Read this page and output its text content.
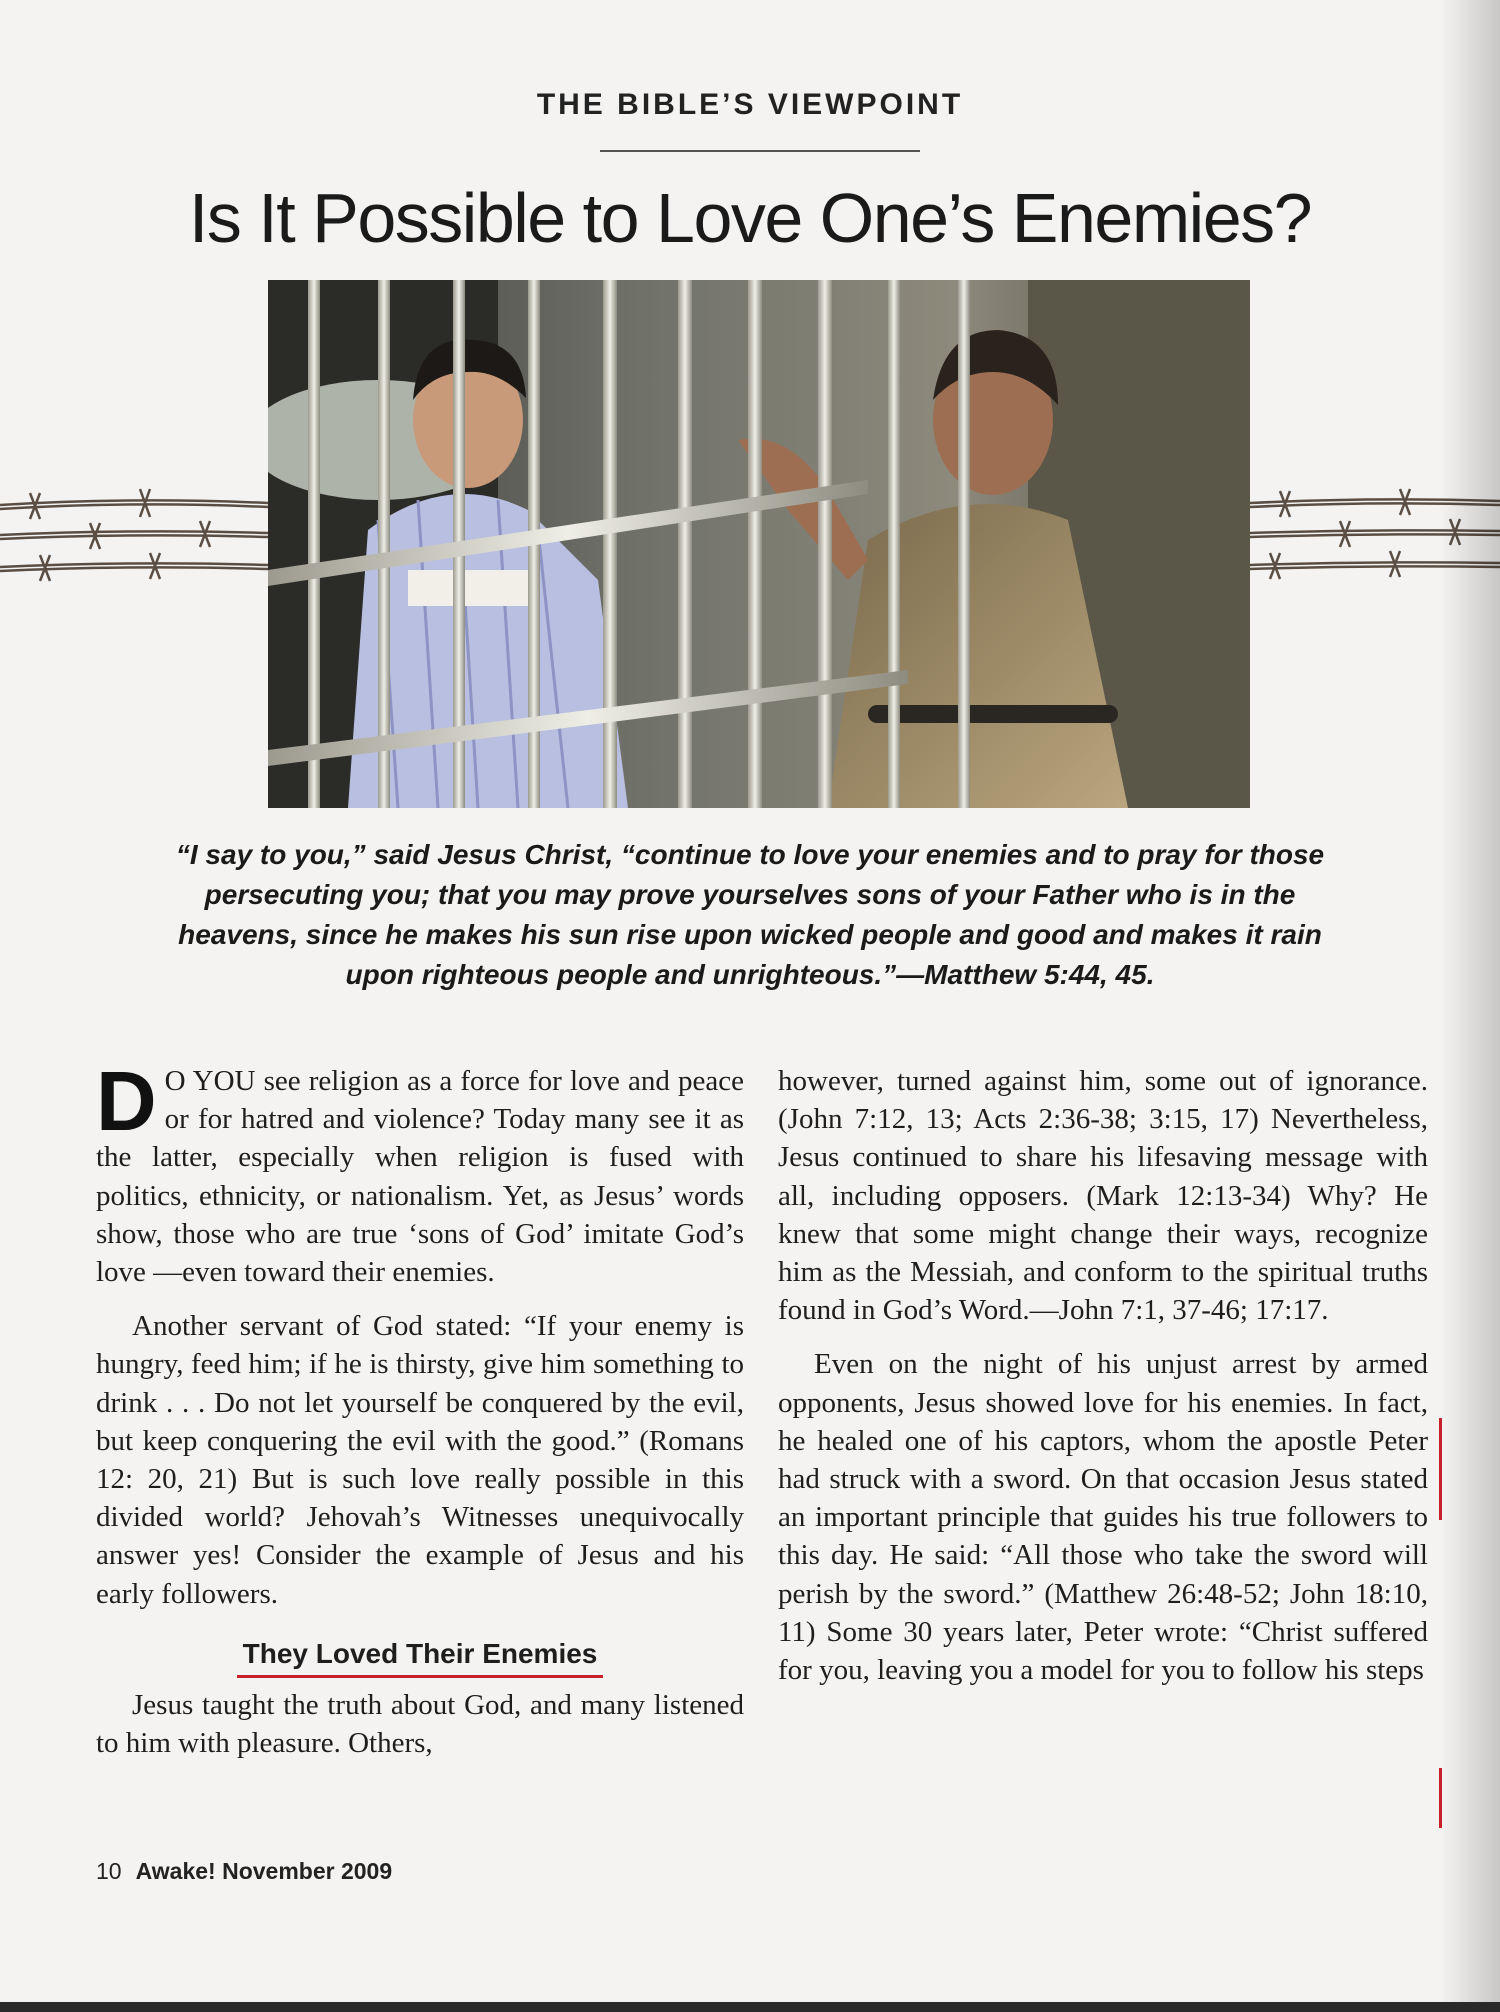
THE BIBLE’S VIEWPOINT
Is It Possible to Love One’s Enemies?
“I say to you,” said Jesus Christ, “continue to love your enemies and to pray for those persecuting you; that you may prove yourselves sons of your Father who is in the heavens, since he makes his sun rise upon wicked people and good and makes it rain upon righteous people and unrighteous.”—Matthew 5:44, 45.

D O YOU see religion as a force for love and peace or for hatred and violence? Today many see it as the latter, especially when religion is fused with politics, ethnicity, or nationalism. Yet, as Jesus’ words show, those who are true ‘sons of God’ imitate God’s love —even toward their enemies.

Another servant of God stated: “If your enemy is hungry, feed him; if he is thirsty, give him something to drink . . . Do not let yourself be conquered by the evil, but keep conquering the evil with the good.” (Romans 12: 20, 21) But is such love really possible in this divided world? Jehovah’s Witnesses unequivocally answer yes! Consider the example of Jesus and his early followers.

They Loved Their Enemies

Jesus taught the truth about God, and many listened to him with pleasure. Others,

however, turned against him, some out of ignorance. (John 7:12, 13; Acts 2:36-38; 3:15, 17) Nevertheless, Jesus continued to share his lifesaving message with all, including opposers. (Mark 12:13-34) Why? He knew that some might change their ways, recognize him as the Messiah, and conform to the spiritual truths found in God’s Word.—John 7:1, 37-46; 17:17.

Even on the night of his unjust arrest by armed opponents, Jesus showed love for his enemies. In fact, he healed one of his captors, whom the apostle Peter had struck with a sword. On that occasion Jesus stated an important principle that guides his true followers to this day. He said: “All those who take the sword will perish by the sword.” (Matthew 26:48-52; John 18:10, 11) Some 30 years later, Peter wrote: “Christ suffered for you, leaving you a model for you to follow his steps

10 Awake! November 2009
